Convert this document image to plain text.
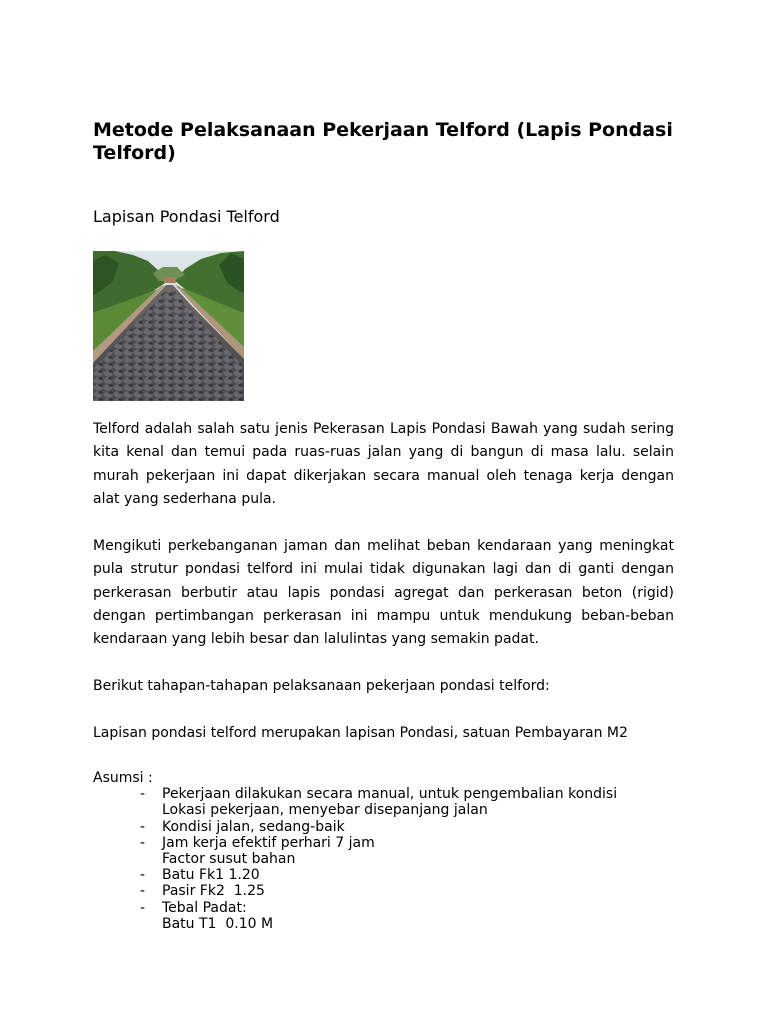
Metode Pelaksanaan Pekerjaan Telford (Lapis Pondasi Telford)
Lapisan Pondasi Telford

Telford adalah salah satu jenis Pekerasan Lapis Pondasi Bawah yang sudah sering kita kenal dan temui pada ruas-ruas jalan yang di bangun di masa lalu. selain murah pekerjaan ini dapat dikerjakan secara manual oleh tenaga kerja dengan alat yang sederhana pula.

Mengikuti perkebanganan jaman dan melihat beban kendaraan yang meningkat pula strutur pondasi telford ini mulai tidak digunakan lagi dan di ganti dengan perkerasan berbutir atau lapis pondasi agregat dan perkerasan beton (rigid) dengan pertimbangan perkerasan ini mampu untuk mendukung beban-beban kendaraan yang lebih besar dan lalulintas yang semakin padat.

Berikut tahapan-tahapan pelaksanaan pekerjaan pondasi telford:

Lapisan pondasi telford merupakan lapisan Pondasi, satuan Pembayaran M2

Asumsi :

- Pekerjaan dilakukan secara manual, untuk pengembalian kondisi
Lokasi pekerjaan, menyebar disepanjang jalan
- Kondisi jalan, sedang-baik
- Jam kerja efektif perhari 7 jam
Factor susut bahan
- Batu Fk1 1.20
- Pasir Fk2  1.25
- Tebal Padat:
Batu T1  0.10 M
